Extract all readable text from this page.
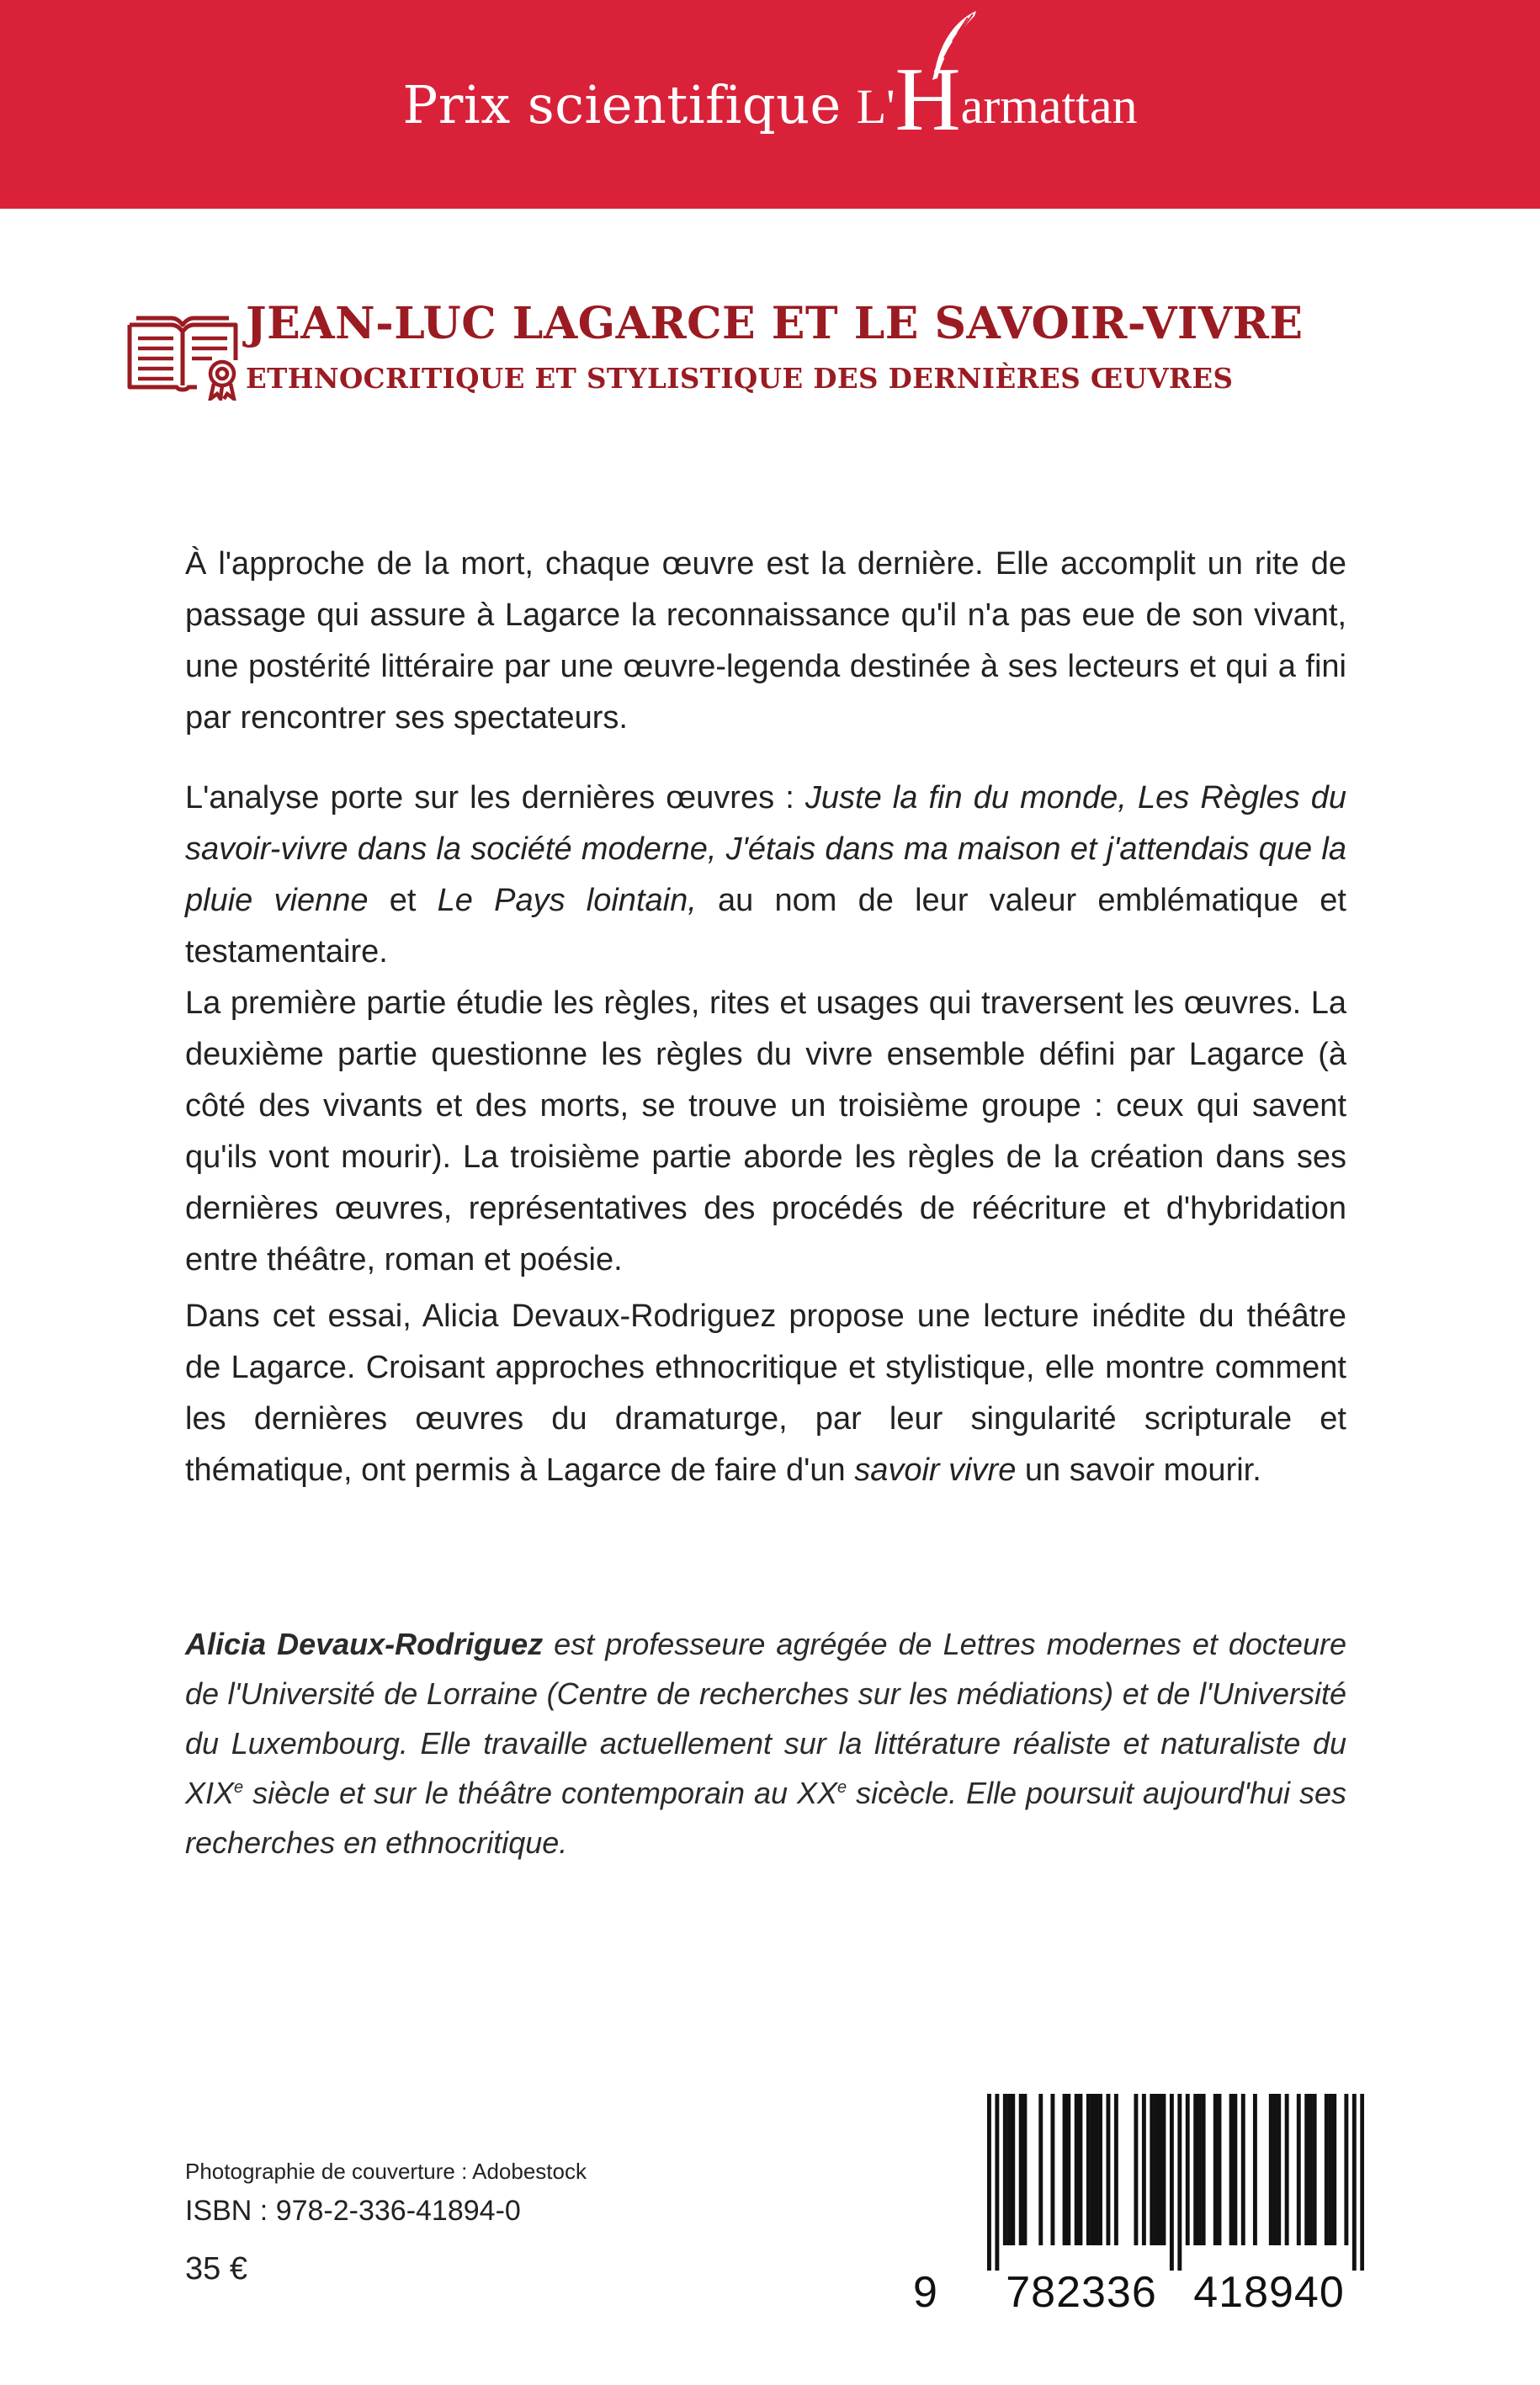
Prix scientifique L'Harmattan
JEAN-LUC LAGARCE ET LE SAVOIR-VIVRE
ETHNOCRITIQUE ET STYLISTIQUE DES DERNIÈRES ŒUVRES

À l'approche de la mort, chaque œuvre est la dernière. Elle accomplit un rite de passage qui assure à Lagarce la reconnaissance qu'il n'a pas eue de son vivant, une postérité littéraire par une œuvre-legenda destinée à ses lecteurs et qui a fini par rencontrer ses spectateurs.

L'analyse porte sur les dernières œuvres : Juste la fin du monde, Les Règles du savoir-vivre dans la société moderne, J'étais dans ma maison et j'attendais que la pluie vienne et Le Pays lointain, au nom de leur valeur emblématique et testamentaire.

La première partie étudie les règles, rites et usages qui traversent les œuvres. La deuxième partie questionne les règles du vivre ensemble défini par Lagarce (à côté des vivants et des morts, se trouve un troisième groupe : ceux qui savent qu'ils vont mourir). La troisième partie aborde les règles de la création dans ses dernières œuvres, représentatives des procédés de réécriture et d'hybridation entre théâtre, roman et poésie.

Dans cet essai, Alicia Devaux-Rodriguez propose une lecture inédite du théâtre de Lagarce. Croisant approches ethnocritique et stylistique, elle montre comment les dernières œuvres du dramaturge, par leur singularité scripturale et thématique, ont permis à Lagarce de faire d'un savoir vivre un savoir mourir.

Alicia Devaux-Rodriguez est professeure agrégée de Lettres modernes et docteure de l'Université de Lorraine (Centre de recherches sur les médiations) et de l'Université du Luxembourg. Elle travaille actuellement sur la littérature réaliste et naturaliste du XIXe siècle et sur le théâtre contemporain au XXe sicècle. Elle poursuit aujourd'hui ses recherches en ethnocritique.
Photographie de couverture : Adobestock
ISBN : 978-2-336-41894-0
35 €	9 782336 418940
